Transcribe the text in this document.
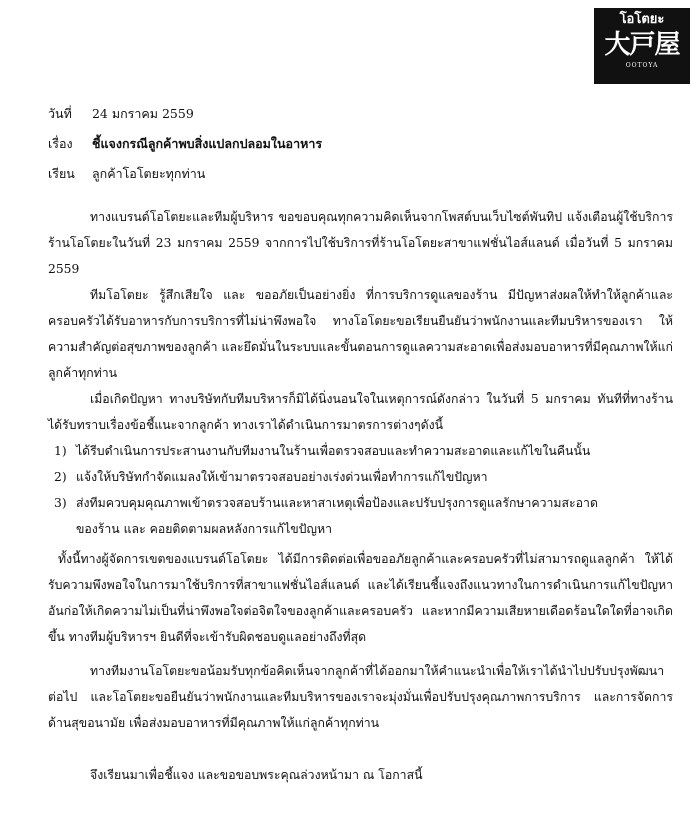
โอโตยะ
大戸屋
OOTOYA
วันที่ 24 มกราคม 2559
เรื่อง ชี้แจงกรณีลูกค้าพบสิ่งแปลกปลอมในอาหาร
เรียน ลูกค้าโอโตยะทุกท่าน

ทางแบรนด์โอโตยะและทีมผู้บริหาร ขอขอบคุณทุกความคิดเห็นจากโพสต์บนเว็บไซต์พันทิป แจ้งเตือนผู้ใช้บริการร้านโอโตยะในวันที่ 23 มกราคม 2559 จากการไปใช้บริการที่ร้านโอโตยะสาขาแฟชั่นไอส์แลนด์ เมื่อวันที่ 5 มกราคม 2559

ทีมโอโตยะ รู้สึกเสียใจ และ ขออภัยเป็นอย่างยิ่ง ที่การบริการดูแลของร้าน มีปัญหาส่งผลให้ทำให้ลูกค้าและครอบครัวได้รับอาหารกับการบริการที่ไม่น่าพึงพอใจ ทางโอโตยะขอเรียนยืนยันว่าพนักงานและทีมบริหารของเรา ให้ความสำคัญต่อสุขภาพของลูกค้า และยึดมั่นในระบบและขั้นตอนการดูแลความสะอาดเพื่อส่งมอบอาหารที่มีคุณภาพให้แก่ลูกค้าทุกท่าน

เมื่อเกิดปัญหา ทางบริษัทกับทีมบริหารก็มิได้นิ่งนอนใจในเหตุการณ์ดังกล่าว ในวันที่ 5 มกราคม ทันทีที่ทางร้านได้รับทราบเรื่องข้อชี้แนะจากลูกค้า ทางเราได้ดำเนินการมาตรการต่างๆดังนี้

1) ได้รีบดำเนินการประสานงานกับทีมงานในร้านเพื่อตรวจสอบและทำความสะอาดและแก้ไขในคืนนั้น
2) แจ้งให้บริษัทกำจัดแมลงให้เข้ามาตรวจสอบอย่างเร่งด่วนเพื่อทำการแก้ไขปัญหา
3) ส่งทีมควบคุมคุณภาพเข้าตรวจสอบร้านและหาสาเหตุเพื่อป้องและปรับปรุงการดูแลรักษาความสะอาด
ของร้าน และ คอยติดตามผลหลังการแก้ไขปัญหา

ทั้งนี้ทางผู้จัดการเขตของแบรนด์โอโตยะ ได้มีการติดต่อเพื่อขออภัยลูกค้าและครอบครัวที่ไม่สามารถดูแลลูกค้า ให้ได้รับความพึงพอใจในการมาใช้บริการที่สาขาแฟชั่นไอส์แลนด์ และได้เรียนชี้แจงถึงแนวทางในการดำเนินการแก้ไขปัญหาอันก่อให้เกิดความไม่เป็นที่น่าพึงพอใจต่อจิตใจของลูกค้าและครอบครัว และหากมีความเสียหายเดือดร้อนใดใดที่อาจเกิดขึ้น ทางทีมผู้บริหารฯ ยินดีที่จะเข้ารับผิดชอบดูแลอย่างถึงที่สุด

ทางทีมงานโอโตยะขอน้อมรับทุกข้อคิดเห็นจากลูกค้าที่ได้ออกมาให้คำแนะนำเพื่อให้เราได้นำไปปรับปรุงพัฒนาต่อไป และโอโตยะขอยืนยันว่าพนักงานและทีมบริหารของเราจะมุ่งมั่นเพื่อปรับปรุงคุณภาพการบริการ และการจัดการด้านสุขอนามัย เพื่อส่งมอบอาหารที่มีคุณภาพให้แก่ลูกค้าทุกท่าน

จึงเรียนมาเพื่อชี้แจง และขอขอบพระคุณล่วงหน้ามา ณ โอกาสนี้
